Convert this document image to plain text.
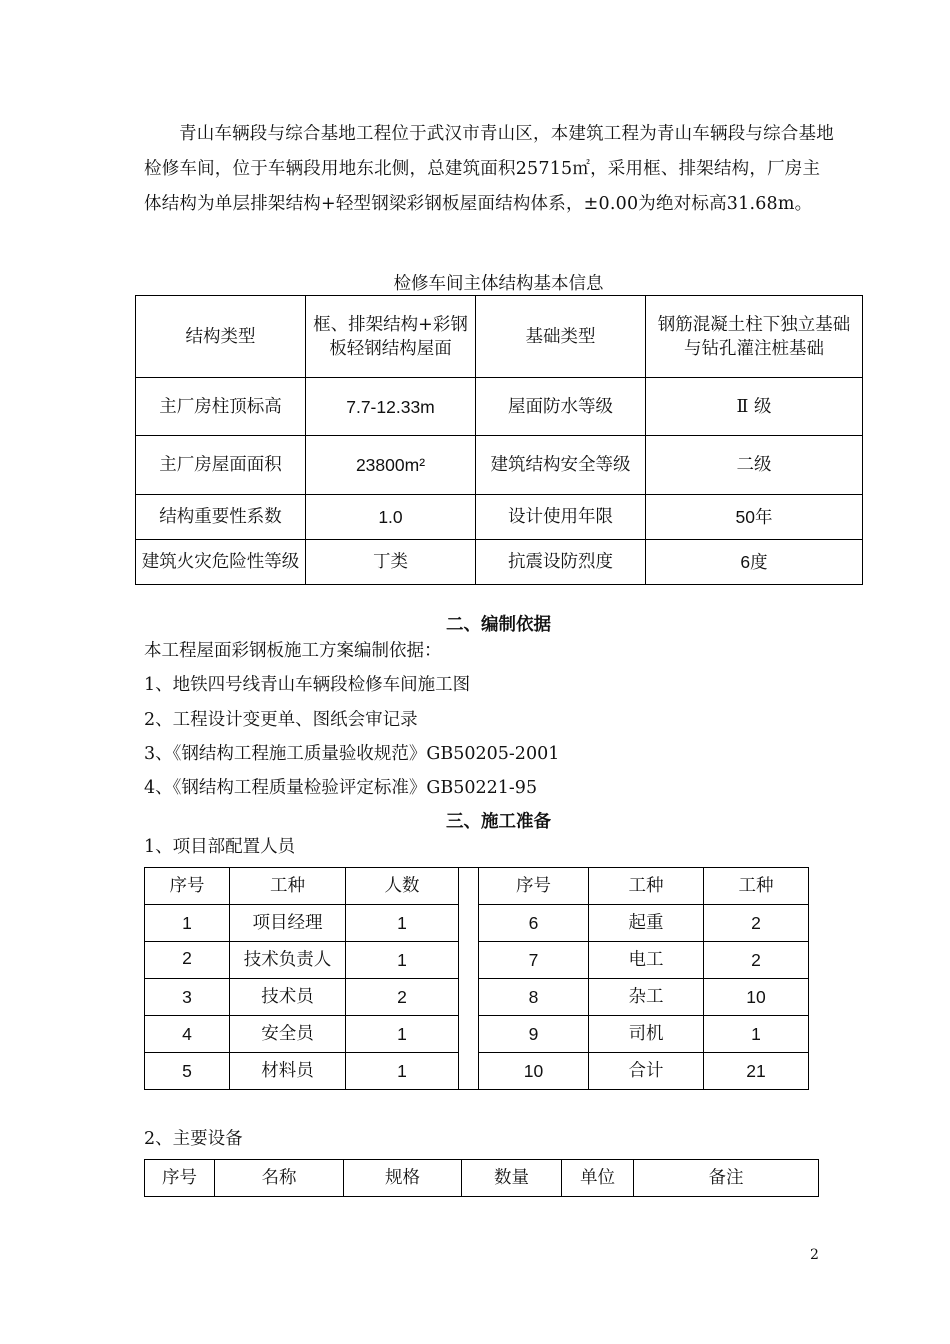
青山车辆段与综合基地工程位于武汉市青山区，本建筑工程为青山车辆段与综合基地检修车间，位于车辆段用地东北侧，总建筑面积25715㎡，采用框、排架结构，厂房主体结构为单层排架结构+轻型钢梁彩钢板屋面结构体系，±0.00为绝对标高31.68m。

检修车间主体结构基本信息

结构类型	框、排架结构+彩钢板轻钢结构屋面	基础类型	钢筋混凝土柱下独立基础与钻孔灌注桩基础
主厂房柱顶标高	7.7-12.33m	屋面防水等级	Ⅱ 级
主厂房屋面面积	23800m²	建筑结构安全等级	二级
结构重要性系数	1.0	设计使用年限	50年
建筑火灾危险性等级	丁类	抗震设防烈度	6度

二、编制依据

本工程屋面彩钢板施工方案编制依据：

1、地铁四号线青山车辆段检修车间施工图

2、工程设计变更单、图纸会审记录

3、《钢结构工程施工质量验收规范》GB50205-2001

4、《钢结构工程质量检验评定标准》GB50221-95

三、施工准备

1、项目部配置人员

序号	工种	人数		序号	工种	工种
1	项目经理	1		6	起重	2
2	技术负责人	1		7	电工	2
3	技术员	2		8	杂工	10
4	安全员	1		9	司机	1
5	材料员	1		10	合计	21

2、主要设备

序号	名称	规格	数量	单位	备注

2
